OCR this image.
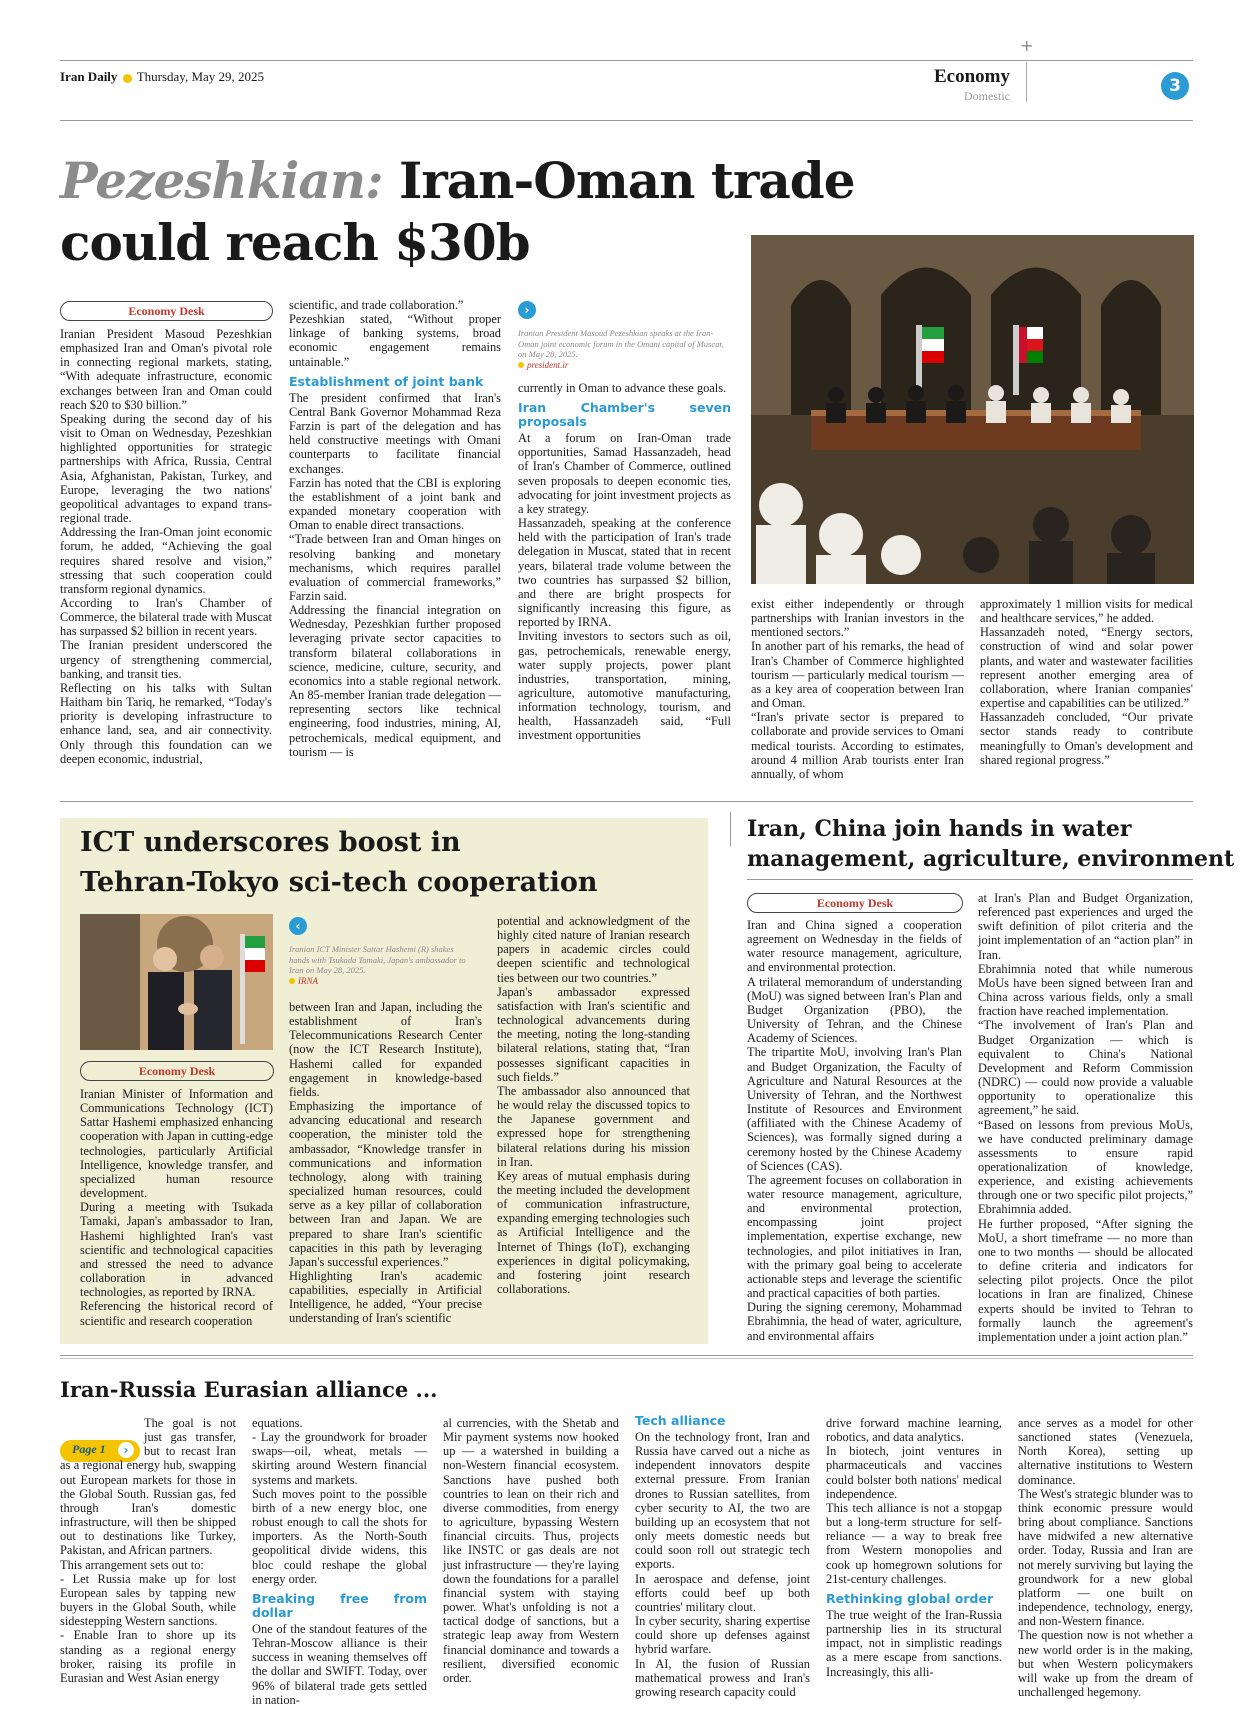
+
Iran Daily Thursday, May 29, 2025	Economy
Domestic	3
Pezeshkian: Iran-Oman trade
could reach $30b
Economy Desk

Iranian President Masoud Pezeshkian emphasized Iran and Oman's pivotal role in connecting regional markets, stating, “With adequate infrastructure, economic exchanges between Iran and Oman could reach $20 to $30 billion.”
Speaking during the second day of his visit to Oman on Wednesday, Pezeshkian highlighted opportunities for strategic partnerships with Africa, Russia, Central Asia, Afghanistan, Pakistan, Turkey, and Europe, leveraging the two nations' geopolitical advantages to expand trans-regional trade.
Addressing the Iran-Oman joint economic forum, he added, “Achieving the goal requires shared resolve and vision,” stressing that such cooperation could transform regional dynamics.
According to Iran's Chamber of Commerce, the bilateral trade with Muscat has surpassed $2 billion in recent years.
The Iranian president underscored the urgency of strengthening commercial, banking, and transit ties.
Reflecting on his talks with Sultan Haitham bin Tariq, he remarked, “Today's priority is developing infrastructure to enhance land, sea, and air connectivity. Only through this foundation can we deepen economic, industrial,

scientific, and trade collaboration.”
Pezeshkian stated, “Without proper linkage of banking systems, broad economic engagement remains untainable.”

Establishment of joint bank

The president confirmed that Iran's Central Bank Governor Mohammad Reza Farzin is part of the delegation and has held constructive meetings with Omani counterparts to facilitate financial exchanges.
Farzin has noted that the CBI is exploring the establishment of a joint bank and expanded monetary cooperation with Oman to enable direct transactions.
“Trade between Iran and Oman hinges on resolving banking and monetary mechanisms, which requires parallel evaluation of commercial frameworks,” Farzin said.
Addressing the financial integration on Wednesday, Pezeshkian further proposed leveraging private sector capacities to transform bilateral collaborations in science, medicine, culture, security, and economics into a stable regional network. An 85-member Iranian trade delegation — representing sectors like technical engineering, food industries, mining, AI, petrochemicals, medical equipment, and tourism — is

›
Iranian President Masoud Pezeshkian speaks at the Iran-Oman joint economic forum in the Omani capital of Muscat, on May 28, 2025.
president.ir

currently in Oman to advance these goals.

Iran Chamber's seven proposals

At a forum on Iran-Oman trade opportunities, Samad Hassanzadeh, head of Iran's Chamber of Commerce, outlined seven proposals to deepen economic ties, advocating for joint investment projects as a key strategy.
Hassanzadeh, speaking at the conference held with the participation of Iran's trade delegation in Muscat, stated that in recent years, bilateral trade volume between the two countries has surpassed $2 billion, and there are bright prospects for significantly increasing this figure, as reported by IRNA.
Inviting investors to sectors such as oil, gas, petrochemicals, renewable energy, water supply projects, power plant industries, transportation, mining, agriculture, automotive manufacturing, information technology, tourism, and health, Hassanzadeh said, “Full investment opportunities

exist either independently or through partnerships with Iranian investors in the mentioned sectors.”
In another part of his remarks, the head of Iran's Chamber of Commerce highlighted tourism — particularly medical tourism — as a key area of cooperation between Iran and Oman.
“Iran's private sector is prepared to collaborate and provide services to Omani medical tourists. According to estimates, around 4 million Arab tourists enter Iran annually, of whom

approximately 1 million visits for medical and healthcare services,” he added.
Hassanzadeh noted, “Energy sectors, construction of wind and solar power plants, and water and wastewater facilities represent another emerging area of collaboration, where Iranian companies' expertise and capabilities can be utilized.”
Hassanzadeh concluded, “Our private sector stands ready to contribute meaningfully to Oman's development and shared regional progress.”

ICT underscores boost in
Tehran-Tokyo sci-tech cooperation
‹
Iranian ICT Minister Sattar Hashemi (R) shakes hands with Tsukada Tamaki, Japan's ambassador to Iran on May 28, 2025.
IRNA
Economy Desk

Iranian Minister of Information and Communications Technology (ICT) Sattar Hashemi emphasized enhancing cooperation with Japan in cutting-edge technologies, particularly Artificial Intelligence, knowledge transfer, and specialized human resource development.
During a meeting with Tsukada Tamaki, Japan's ambassador to Iran, Hashemi highlighted Iran's vast scientific and technological capacities and stressed the need to advance collaboration in advanced technologies, as reported by IRNA.
Referencing the historical record of scientific and research cooperation

between Iran and Japan, including the establishment of Iran's Telecommunications Research Center (now the ICT Research Institute), Hashemi called for expanded engagement in knowledge-based fields.
Emphasizing the importance of advancing educational and research cooperation, the minister told the ambassador, “Knowledge transfer in communications and information technology, along with training specialized human resources, could serve as a key pillar of collaboration between Iran and Japan. We are prepared to share Iran's scientific capacities in this path by leveraging Japan's successful experiences.”
Highlighting Iran's academic capabilities, especially in Artificial Intelligence, he added, “Your precise understanding of Iran's scientific

potential and acknowledgment of the highly cited nature of Iranian research papers in academic circles could deepen scientific and technological ties between our two countries.”
Japan's ambassador expressed satisfaction with Iran's scientific and technological advancements during the meeting, noting the long-standing bilateral relations, stating that, “Iran possesses significant capacities in such fields.”
The ambassador also announced that he would relay the discussed topics to the Japanese government and expressed hope for strengthening bilateral relations during his mission in Iran.
Key areas of mutual emphasis during the meeting included the development of communication infrastructure, expanding emerging technologies such as Artificial Intelligence and the Internet of Things (IoT), exchanging experiences in digital policymaking, and fostering joint research collaborations.

Iran, China join hands in water
management, agriculture, environment
Economy Desk

Iran and China signed a cooperation agreement on Wednesday in the fields of water resource management, agriculture, and environmental protection.
A trilateral memorandum of understanding (MoU) was signed between Iran's Plan and Budget Organization (PBO), the University of Tehran, and the Chinese Academy of Sciences.
The tripartite MoU, involving Iran's Plan and Budget Organization, the Faculty of Agriculture and Natural Resources at the University of Tehran, and the Northwest Institute of Resources and Environment (affiliated with the Chinese Academy of Sciences), was formally signed during a ceremony hosted by the Chinese Academy of Sciences (CAS).
The agreement focuses on collaboration in water resource management, agriculture, and environmental protection, encompassing joint project implementation, expertise exchange, new technologies, and pilot initiatives in Iran, with the primary goal being to accelerate actionable steps and leverage the scientific and practical capacities of both parties.
During the signing ceremony, Mohammad Ebrahimnia, the head of water, agriculture, and environmental affairs

at Iran's Plan and Budget Organization, referenced past experiences and urged the swift definition of pilot criteria and the joint implementation of an “action plan” in Iran.
Ebrahimnia noted that while numerous MoUs have been signed between Iran and China across various fields, only a small fraction have reached implementation.
“The involvement of Iran's Plan and Budget Organization — which is equivalent to China's National Development and Reform Commission (NDRC) — could now provide a valuable opportunity to operationalize this agreement,” he said.
“Based on lessons from previous MoUs, we have conducted preliminary damage assessments to ensure rapid operationalization of knowledge, experience, and existing achievements through one or two specific pilot projects,” Ebrahimnia added.
He further proposed, “After signing the MoU, a short timeframe — no more than one to two months — should be allocated to define criteria and indicators for selecting pilot projects. Once the pilot locations in Iran are finalized, Chinese experts should be invited to Tehran to formally launch the agreement's implementation under a joint action plan.”

Iran-Russia Eurasian alliance ...
Page 1	›

The goal is not just gas transfer, but to recast Iran as a regional energy hub, swapping out European markets for those in the Global South. Russian gas, fed through Iran's domestic infrastructure, will then be shipped out to destinations like Turkey, Pakistan, and African partners.
This arrangement sets out to:
- Let Russia make up for lost European sales by tapping new buyers in the Global South, while sidestepping Western sanctions.
- Enable Iran to shore up its standing as a regional energy broker, raising its profile in Eurasian and West Asian energy

equations.
- Lay the groundwork for broader swaps—oil, wheat, metals — skirting around Western financial systems and markets.
Such moves point to the possible birth of a new energy bloc, one robust enough to call the shots for importers. As the North-South geopolitical divide widens, this bloc could reshape the global energy order.

Breaking free from dollar

One of the standout features of the Tehran-Moscow alliance is their success in weaning themselves off the dollar and SWIFT. Today, over 96% of bilateral trade gets settled in nation-

al currencies, with the Shetab and Mir payment systems now hooked up — a watershed in building a non-Western financial ecosystem. Sanctions have pushed both countries to lean on their rich and diverse commodities, from energy to agriculture, bypassing Western financial circuits. Thus, projects like INSTC or gas deals are not just infrastructure — they're laying down the foundations for a parallel financial system with staying power. What's unfolding is not a tactical dodge of sanctions, but a strategic leap away from Western financial dominance and towards a resilient, diversified economic order.

Tech alliance

On the technology front, Iran and Russia have carved out a niche as independent innovators despite external pressure. From Iranian drones to Russian satellites, from cyber security to AI, the two are building up an ecosystem that not only meets domestic needs but could soon roll out strategic tech exports.
In aerospace and defense, joint efforts could beef up both countries' military clout.
In cyber security, sharing expertise could shore up defenses against hybrid warfare.
In AI, the fusion of Russian mathematical prowess and Iran's growing research capacity could

drive forward machine learning, robotics, and data analytics.
In biotech, joint ventures in pharmaceuticals and vaccines could bolster both nations' medical independence.
This tech alliance is not a stopgap but a long-term structure for self-reliance — a way to break free from Western monopolies and cook up homegrown solutions for 21st-century challenges.

Rethinking global order

The true weight of the Iran-Russia partnership lies in its structural impact, not in simplistic readings as a mere escape from sanctions. Increasingly, this alli-

ance serves as a model for other sanctioned states (Venezuela, North Korea), setting up alternative institutions to Western dominance.
The West's strategic blunder was to think economic pressure would bring about compliance. Sanctions have midwifed a new alternative order. Today, Russia and Iran are not merely surviving but laying the groundwork for a new global platform — one built on independence, technology, energy, and non-Western finance.
The question now is not whether a new world order is in the making, but when Western policymakers will wake up from the dream of unchallenged hegemony.
